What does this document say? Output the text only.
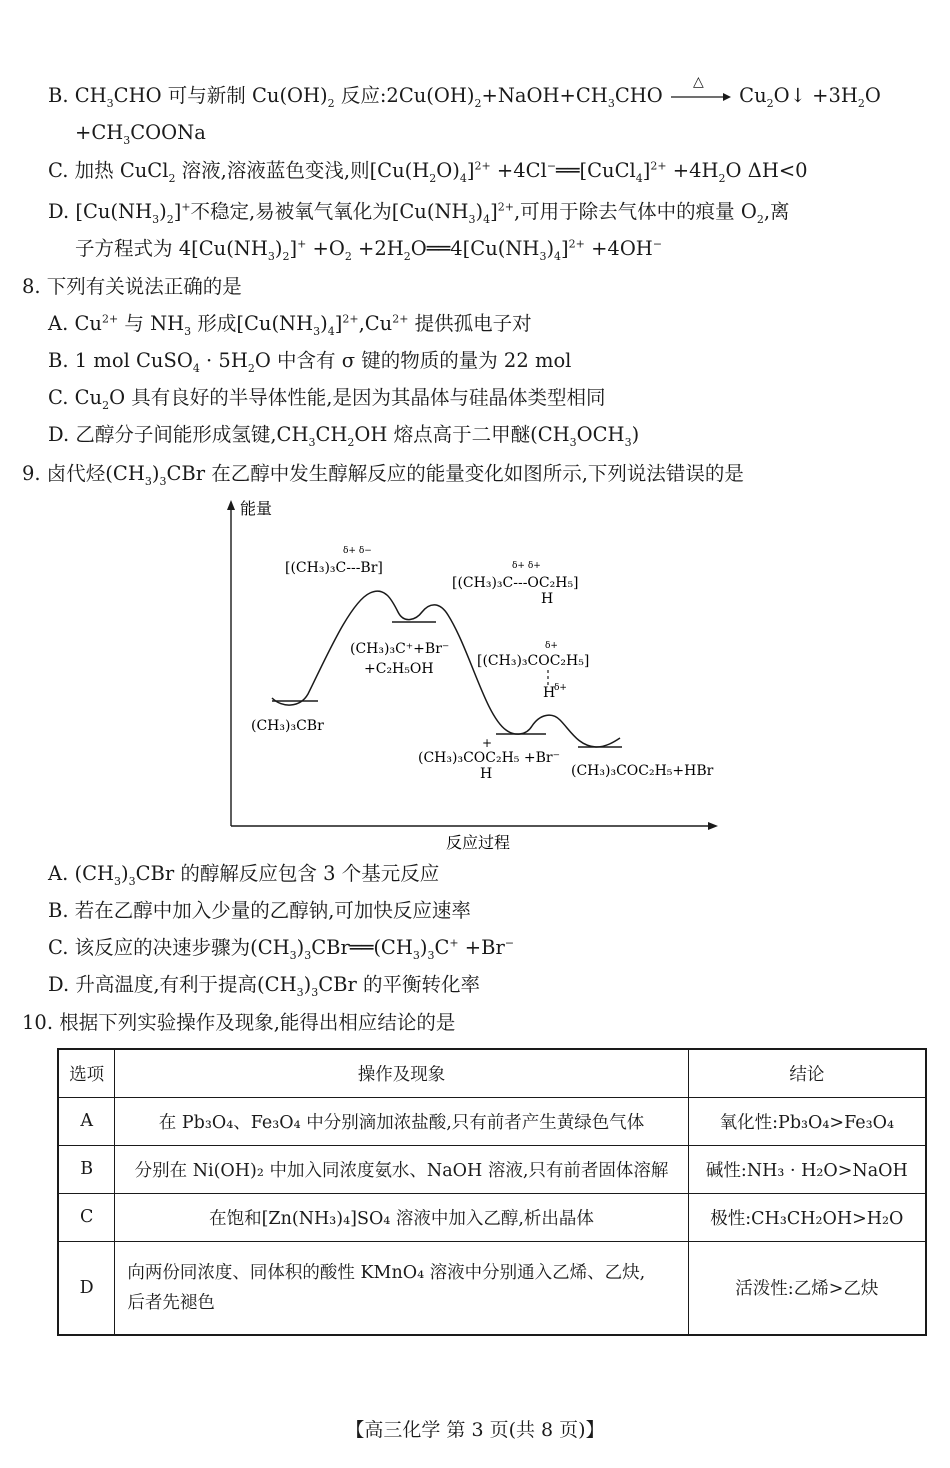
B. $CH_3CHO$ 可与新制 $Cu(OH)_2$ 反应$:2Cu(OH)_2+NaOH+CH_3CHO$
△
$Cu_2O↓ +3H_2O$
$+CH_3COONa$
C. 加热 CuCl$_2$ 溶液,溶液蓝色变浅,则$[Cu(H_2O)_4]^{2+}$ +4Cl−══[CuCl$_4$]$^{2+}$ $+4H_2O$ ΔH<0
D. $[Cu(NH_3)_2]^+$不稳定,易被氧气氧化为$[Cu(NH_3)_4]^{2+}$,可用于除去气体中的痕量 $O_2$,离
子方程式为 $4[Cu(NH_3)_2]^+ +O_2$ $+2H_2O══4[Cu(NH_3)_4]^{2+} +4OH^-$
8. 下列有关说法正确的是
A. $Cu^{2+}$ 与 $NH_3$ 形成$[Cu(NH_3)_4]^{2+},Cu^{2+}$ 提供孤电子对
B. 1 mol CuSO$_4$ · $5H_2O$ 中含有 σ 键的物质的量为 22 mol
C. $Cu_2O$ 具有良好的半导体性能,是因为其晶体与硅晶体类型相同
D. 乙醇分子间能形成氢键$,CH_3CH_2OH$ 熔点高于二甲醚$(CH_3OCH_3)$
9. 卤代烃$(CH_3)_3CBr$ 在乙醇中发生醇解反应的能量变化如图所示,下列说法错误的是
能量
反应过程
δ+ δ−
[(CH₃)₃C---Br]	δ+ δ+
[(CH₃)₃C---OC₂H₅]
H
(CH₃)₃C⁺+Br⁻
+C₂H₅OH
δ+
[(CH₃)₃COC₂H₅]
H
δ+
(CH₃)₃CBr
+
(CH₃)₃COC₂H₅ +Br⁻
H	(CH₃)₃COC₂H₅+HBr
A. $(CH_3)_3CBr$ 的醇解反应包含 3 个基元反应
B. 若在乙醇中加入少量的乙醇钠,可加快反应速率
C. 该反应的决速步骤为$(CH_3)_3CBr══(CH_3)_3C^+ +Br^-$
D. 升高温度,有利于提高$(CH_3)_3CBr$ 的平衡转化率
10. 根据下列实验操作及现象,能得出相应结论的是
选项	操作及现象	结论
A	在 Pb₃O₄、Fe₃O₄ 中分别滴加浓盐酸,只有前者产生黄绿色气体	氧化性:Pb₃O₄>Fe₃O₄
B	分别在 Ni(OH)₂ 中加入同浓度氨水、NaOH 溶液,只有前者固体溶解	碱性:NH₃ · H₂O>NaOH
C	在饱和[Zn(NH₃)₄]SO₄ 溶液中加入乙醇,析出晶体	极性:CH₃CH₂OH>H₂O
D	向两份同浓度、同体积的酸性 KMnO₄ 溶液中分别通入乙烯、乙炔,
后者先褪色	活泼性:乙烯>乙炔
【高三化学 第 3 页(共 8 页)】
